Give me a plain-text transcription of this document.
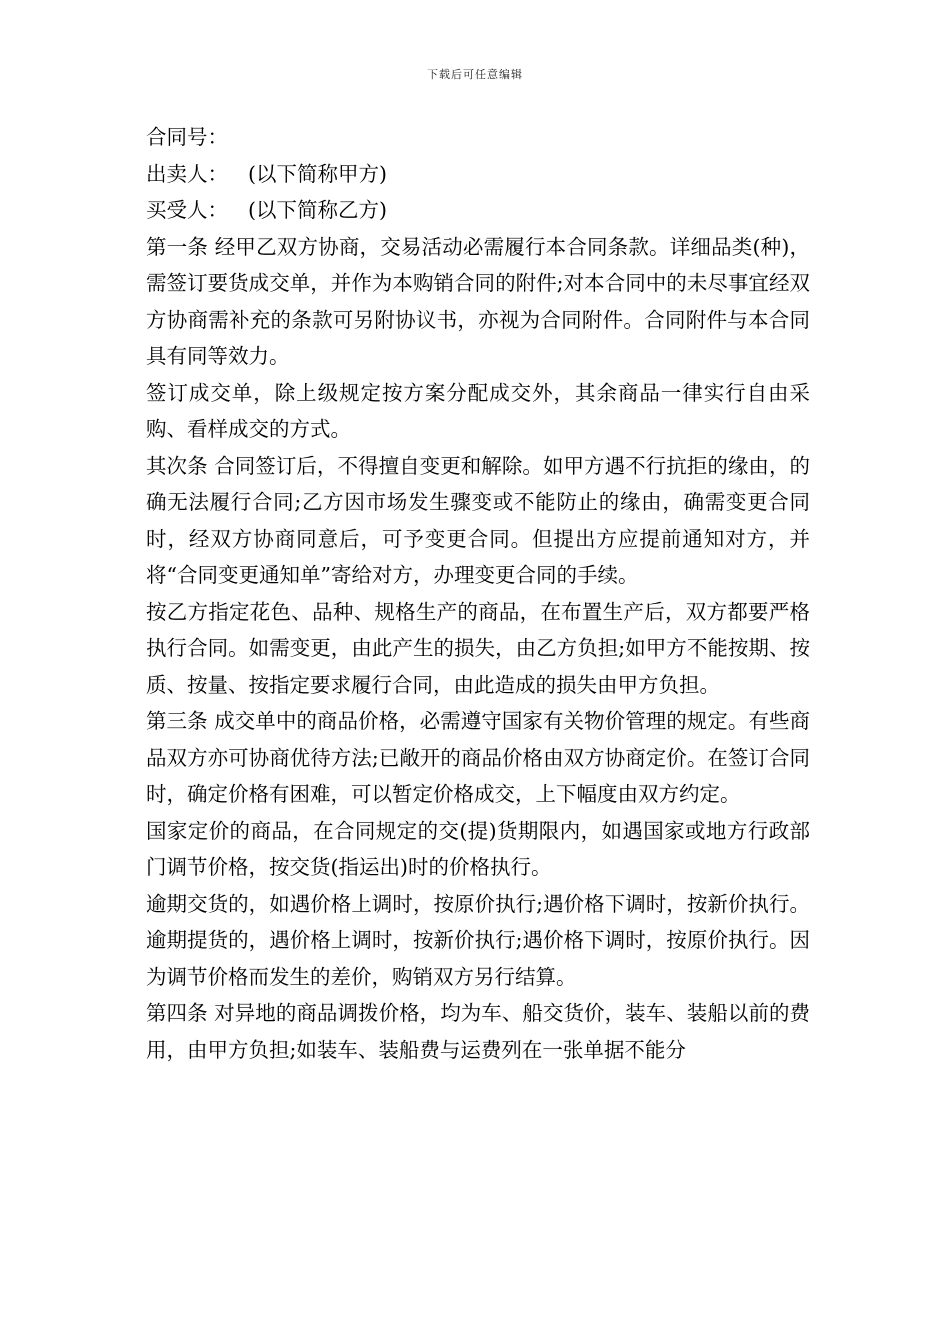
下载后可任意编辑

合同号：

出卖人： (以下简称甲方)

买受人： (以下简称乙方)

第一条 经甲乙双方协商，交易活动必需履行本合同条款。详细品类(种)，需签订要货成交单，并作为本购销合同的附件;对本合同中的未尽事宜经双方协商需补充的条款可另附协议书，亦视为合同附件。合同附件与本合同具有同等效力。

签订成交单，除上级规定按方案分配成交外，其余商品一律实行自由采购、看样成交的方式。

其次条 合同签订后，不得擅自变更和解除。如甲方遇不行抗拒的缘由，的确无法履行合同;乙方因市场发生骤变或不能防止的缘由，确需变更合同时，经双方协商同意后，可予变更合同。但提出方应提前通知对方，并将“合同变更通知单”寄给对方，办理变更合同的手续。

按乙方指定花色、品种、规格生产的商品，在布置生产后，双方都要严格执行合同。如需变更，由此产生的损失，由乙方负担;如甲方不能按期、按质、按量、按指定要求履行合同，由此造成的损失由甲方负担。

第三条 成交单中的商品价格，必需遵守国家有关物价管理的规定。有些商品双方亦可协商优待方法;已敞开的商品价格由双方协商定价。在签订合同时，确定价格有困难，可以暂定价格成交，上下幅度由双方约定。

国家定价的商品，在合同规定的交(提)货期限内，如遇国家或地方行政部门调节价格，按交货(指运出)时的价格执行。

逾期交货的，如遇价格上调时，按原价执行;遇价格下调时，按新价执行。逾期提货的，遇价格上调时，按新价执行;遇价格下调时，按原价执行。因为调节价格而发生的差价，购销双方另行结算。

第四条 对异地的商品调拨价格，均为车、船交货价，装车、装船以前的费用，由甲方负担;如装车、装船费与运费列在一张单据不能分
